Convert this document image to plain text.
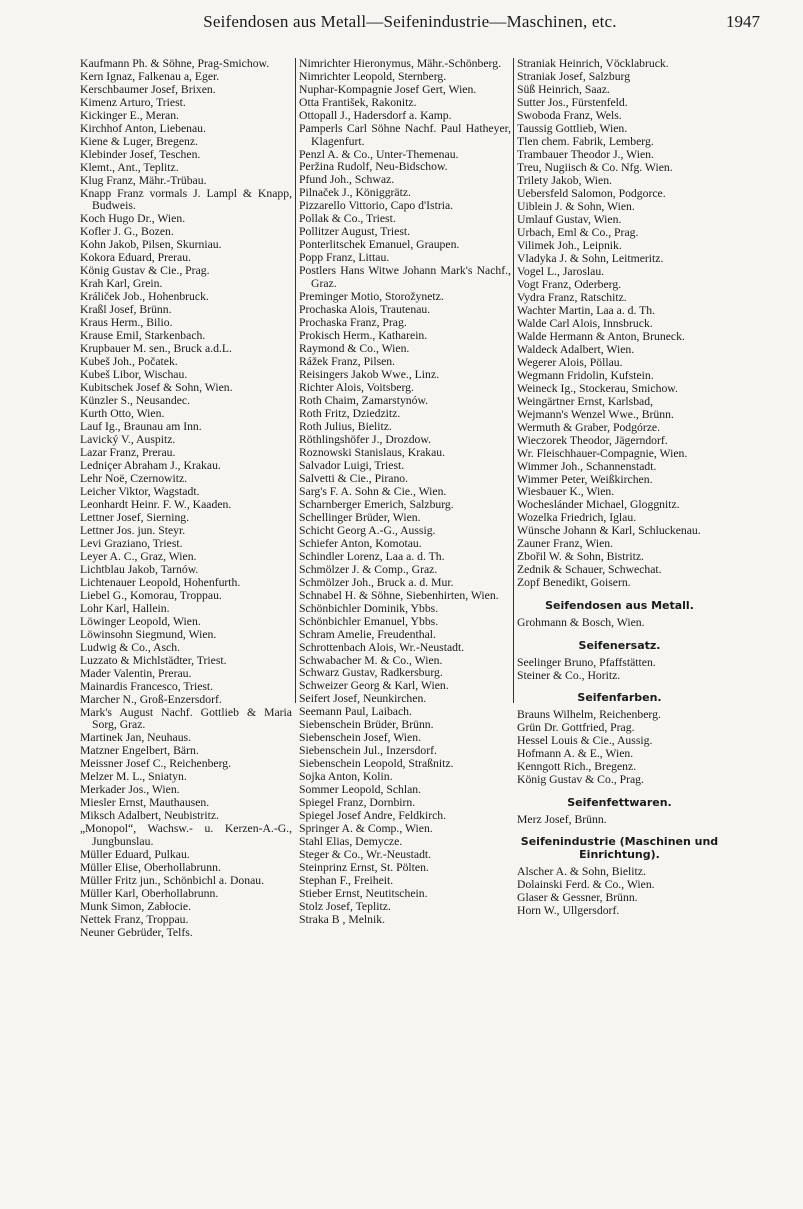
Seifendosen aus Metall—Seifenindustrie—Maschinen, etc.	1947
Kaufmann Ph. & Söhne, Prag-Smichow.
Kern Ignaz, Falkenau a, Eger.
Kerschbaumer Josef, Brixen.
Kimenz Arturo, Triest.
Kickinger E., Meran.
Kirchhof Anton, Liebenau.
Kiene & Luger, Bregenz.
Klebinder Josef, Teschen.
Klemt., Ant., Teplitz.
Klug Franz, Mähr.-Trübau.
Knapp Franz vormals J. Lampl & Knapp, Budweis.
Koch Hugo Dr., Wien.
Kofler J. G., Bozen.
Kohn Jakob, Pilsen, Skurniau.
Kokora Eduard, Prerau.
König Gustav & Cie., Prag.
Krah Karl, Grein.
Králiček Job., Hohenbruck.
Kraßl Josef, Brünn.
Kraus Herm., Bilio.
Krause Emil, Starkenbach.
Krupbauer M. sen., Bruck a.d.L.
Kubeš Joh., Počatek.
Kubeš Libor, Wischau.
Kubitschek Josef & Sohn, Wien.
Künzler S., Neusandec.
Kurth Otto, Wien.
Lauf Ig., Braunau am Inn.
Lavický V., Auspitz.
Lazar Franz, Prerau.
Ledniçer Abraham J., Krakau.
Lehr Noë, Czernowitz.
Leicher Viktor, Wagstadt.
Leonhardt Heinr. F. W., Kaaden.
Lettner Josef, Sierning.
Lettner Jos. jun. Steyr.
Levi Graziano, Triest.
Leyer A. C., Graz, Wien.
Lichtblau Jakob, Tarnów.
Lichtenauer Leopold, Hohenfurth.
Liebel G., Komorau, Troppau.
Lohr Karl, Hallein.
Löwinger Leopold, Wien.
Löwinsohn Siegmund, Wien.
Ludwig & Co., Asch.
Luzzato & Michlstädter, Triest.
Mader Valentin, Prerau.
Mainardis Francesco, Triest.
Marcher N., Groß-Enzersdorf.
Mark's August Nachf. Gottlieb & Maria Sorg, Graz.
Martinek Jan, Neuhaus.
Matzner Engelbert, Bärn.
Meissner Josef C., Reichenberg.
Melzer M. L., Sniatyn.
Merkader Jos., Wien.
Miesler Ernst, Mauthausen.
Miksch Adalbert, Neubistritz.
„Monopol“, Wachsw.- u. Kerzen-A.-G., Jungbunslau.
Müller Eduard, Pulkau.
Müller Elise, Oberhollabrunn.
Müller Fritz jun., Schönbichl a. Donau.
Müller Karl, Oberhollabrunn.
Munk Simon, Zabłocie.
Nettek Franz, Troppau.
Neuner Gebrüder, Telfs.
Nimrichter Hieronymus, Mähr.-Schönberg.
Nimrichter Leopold, Sternberg.
Nuphar-Kompagnie Josef Gert, Wien.
Otta František, Rakonitz.
Ottopall J., Hadersdorf a. Kamp.
Pamperls Carl Söhne Nachf. Paul Hatheyer, Klagenfurt.
Penzl A. & Co., Unter-Themenau.
Peržina Rudolf, Neu-Bidschow.
Pfund Joh., Schwaz.
Pilnaček J., Königgrätz.
Pizzarello Vittorio, Capo d'Istria.
Pollak & Co., Triest.
Pollitzer August, Triest.
Ponterlitschek Emanuel, Graupen.
Popp Franz, Littau.
Postlers Hans Witwe Johann Mark's Nachf., Graz.
Preminger Motio, Storožynetz.
Prochaska Alois, Trautenau.
Prochaska Franz, Prag.
Prokisch Herm., Katharein.
Raymond & Co., Wien.
Rážek Franz, Pilsen.
Reisingers Jakob Wwe., Linz.
Richter Alois, Voitsberg.
Roth Chaim, Zamarstynów.
Roth Fritz, Dziedzitz.
Roth Julius, Bielitz.
Röthlingshöfer J., Drozdow.
Roznowski Stanislaus, Krakau.
Salvador Luigi, Triest.
Salvetti & Cie., Pirano.
Sarg's F. A. Sohn & Cie., Wien.
Scharnberger Emerich, Salzburg.
Schellinger Brüder, Wien.
Schicht Georg A.-G., Aussig.
Schiefer Anton, Komotau.
Schindler Lorenz, Laa a. d. Th.
Schmölzer J. & Comp., Graz.
Schmölzer Joh., Bruck a. d. Mur.
Schnabel H. & Söhne, Siebenhirten, Wien.
Schönbichler Dominik, Ybbs.
Schönbichler Emanuel, Ybbs.
Schram Amelie, Freudenthal.
Schrottenbach Alois, Wr.-Neustadt.
Schwabacher M. & Co., Wien.
Schwarz Gustav, Radkersburg.
Schweizer Georg & Karl, Wien.
Seifert Josef, Neunkirchen.
Seemann Paul, Laibach.
Siebenschein Brüder, Brünn.
Siebenschein Josef, Wien.
Siebenschein Jul., Inzersdorf.
Siebenschein Leopold, Straßnitz.
Sojka Anton, Kolin.
Sommer Leopold, Schlan.
Spiegel Franz, Dornbirn.
Spiegel Josef Andre, Feldkirch.
Springer A. & Comp., Wien.
Stahl Elias, Demycze.
Steger & Co., Wr.-Neustadt.
Steinprinz Ernst, St. Pölten.
Stephan F., Freiheit.
Stieber Ernst, Neutitschein.
Stolz Josef, Teplitz.
Straka B , Melnik.
Straniak Heinrich, Vöcklabruck.
Straniak Josef, Salzburg
Süß Heinrich, Saaz.
Sutter Jos., Fürstenfeld.
Swoboda Franz, Wels.
Taussig Gottlieb, Wien.
Tlen chem. Fabrik, Lemberg.
Trambauer Theodor J., Wien.
Treu, Nugiisch & Co. Nfg. Wien.
Trilety Jakob, Wien.
Uebersfeld Salomon, Podgorce.
Uiblein J. & Sohn, Wien.
Umlauf Gustav, Wien.
Urbach, Eml & Co., Prag.
Vilimek Joh., Leipnik.
Vladyka J. & Sohn, Leitmeritz.
Vogel L., Jaroslau.
Vogt Franz, Oderberg.
Vydra Franz, Ratschitz.
Wachter Martin, Laa a. d. Th.
Walde Carl Alois, Innsbruck.
Walde Hermann & Anton, Bruneck.
Waldeck Adalbert, Wien.
Wegerer Alois, Pöllau.
Wegmann Fridolin, Kufstein.
Weineck Ig., Stockerau, Smichow.
Weingärtner Ernst, Karlsbad,
Wejmann's Wenzel Wwe., Brünn.
Wermuth & Graber, Podgórze.
Wieczorek Theodor, Jägerndorf.
Wr. Fleischhauer-Compagnie, Wien.
Wimmer Joh., Schannenstadt.
Wimmer Peter, Weißkirchen.
Wiesbauer K., Wien.
Wocheslánder Michael, Gloggnitz.
Wozelka Friedrich, Iglau.
Wünsche Johann & Karl, Schluckenau.
Zauner Franz, Wien.
Zbořil W. & Sohn, Bistritz.
Zednik & Schauer, Schwechat.
Zopf Benedikt, Goisern.
Seifendosen aus Metall.
Grohmann & Bosch, Wien.
Seifenersatz.
Seelinger Bruno, Pfaffstätten.
Steiner & Co., Horitz.
Seifenfarben.
Brauns Wilhelm, Reichenberg.
Grün Dr. Gottfried, Prag.
Hessel Louis & Cie., Aussig.
Hofmann A. & E., Wien.
Kenngott Rich., Bregenz.
König Gustav & Co., Prag.
Seifenfettwaren.
Merz Josef, Brünn.
Seifenindustrie (Maschinen und Einrichtung).
Alscher A. & Sohn, Bielitz.
Dolainski Ferd. & Co., Wien.
Glaser & Gessner, Brünn.
Horn W., Ullgersdorf.
